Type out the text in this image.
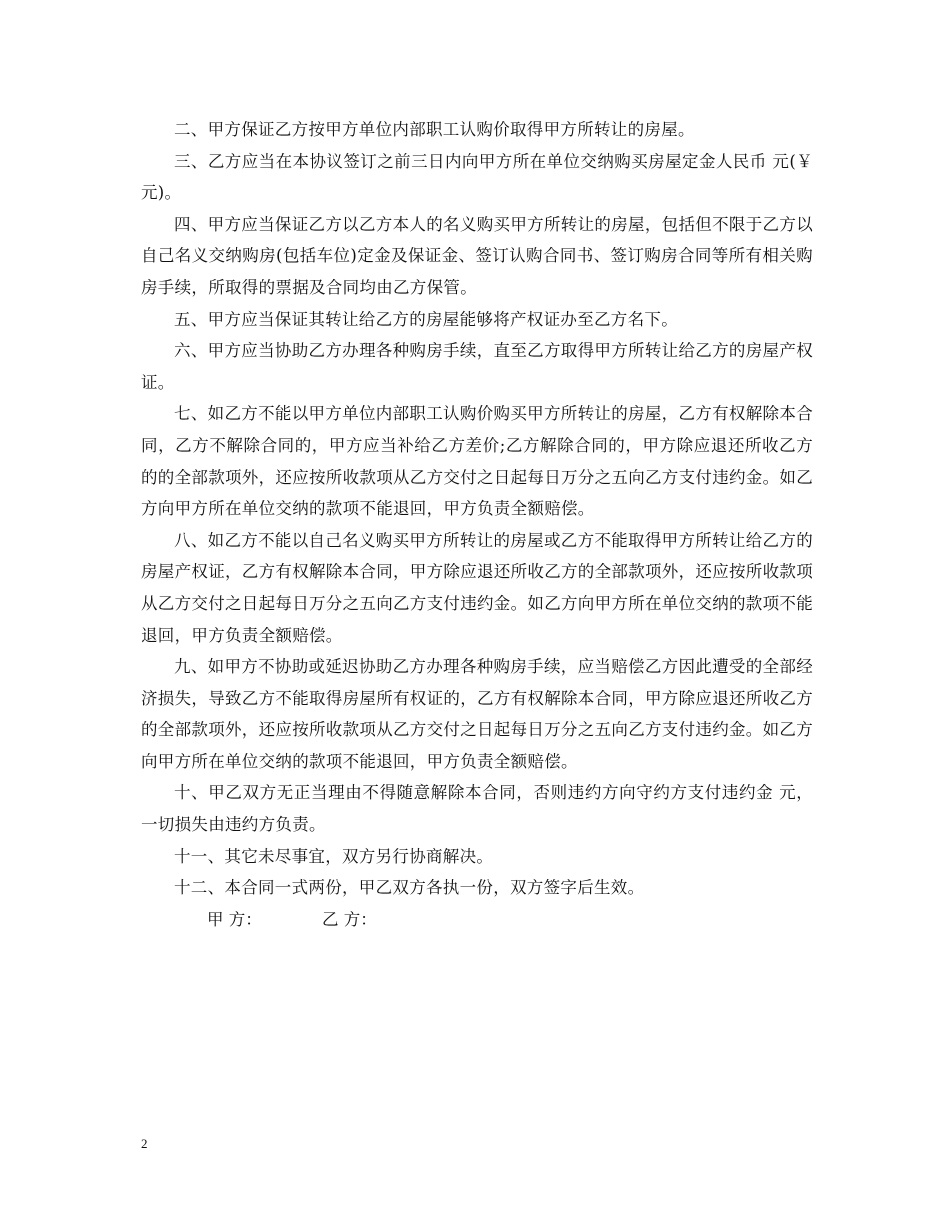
二、甲方保证乙方按甲方单位内部职工认购价取得甲方所转让的房屋。

三、乙方应当在本协议签订之前三日内向甲方所在单位交纳购买房屋定金人民币 元(￥ 元)。

四、甲方应当保证乙方以乙方本人的名义购买甲方所转让的房屋，包括但不限于乙方以自己名义交纳购房(包括车位)定金及保证金、签订认购合同书、签订购房合同等所有相关购房手续，所取得的票据及合同均由乙方保管。

五、甲方应当保证其转让给乙方的房屋能够将产权证办至乙方名下。

六、甲方应当协助乙方办理各种购房手续，直至乙方取得甲方所转让给乙方的房屋产权证。

七、如乙方不能以甲方单位内部职工认购价购买甲方所转让的房屋，乙方有权解除本合同，乙方不解除合同的，甲方应当补给乙方差价;乙方解除合同的，甲方除应退还所收乙方的的全部款项外，还应按所收款项从乙方交付之日起每日万分之五向乙方支付违约金。如乙方向甲方所在单位交纳的款项不能退回，甲方负责全额赔偿。

八、如乙方不能以自己名义购买甲方所转让的房屋或乙方不能取得甲方所转让给乙方的房屋产权证，乙方有权解除本合同，甲方除应退还所收乙方的全部款项外，还应按所收款项从乙方交付之日起每日万分之五向乙方支付违约金。如乙方向甲方所在单位交纳的款项不能退回，甲方负责全额赔偿。

九、如甲方不协助或延迟协助乙方办理各种购房手续，应当赔偿乙方因此遭受的全部经济损失，导致乙方不能取得房屋所有权证的，乙方有权解除本合同，甲方除应退还所收乙方的全部款项外，还应按所收款项从乙方交付之日起每日万分之五向乙方支付违约金。如乙方向甲方所在单位交纳的款项不能退回，甲方负责全额赔偿。

十、甲乙双方无正当理由不得随意解除本合同，否则违约方向守约方支付违约金 元，一切损失由违约方负责。

十一、其它未尽事宜，双方另行协商解决。

十二、本合同一式两份，甲乙双方各执一份，双方签字后生效。

甲 方：	乙 方：

2
